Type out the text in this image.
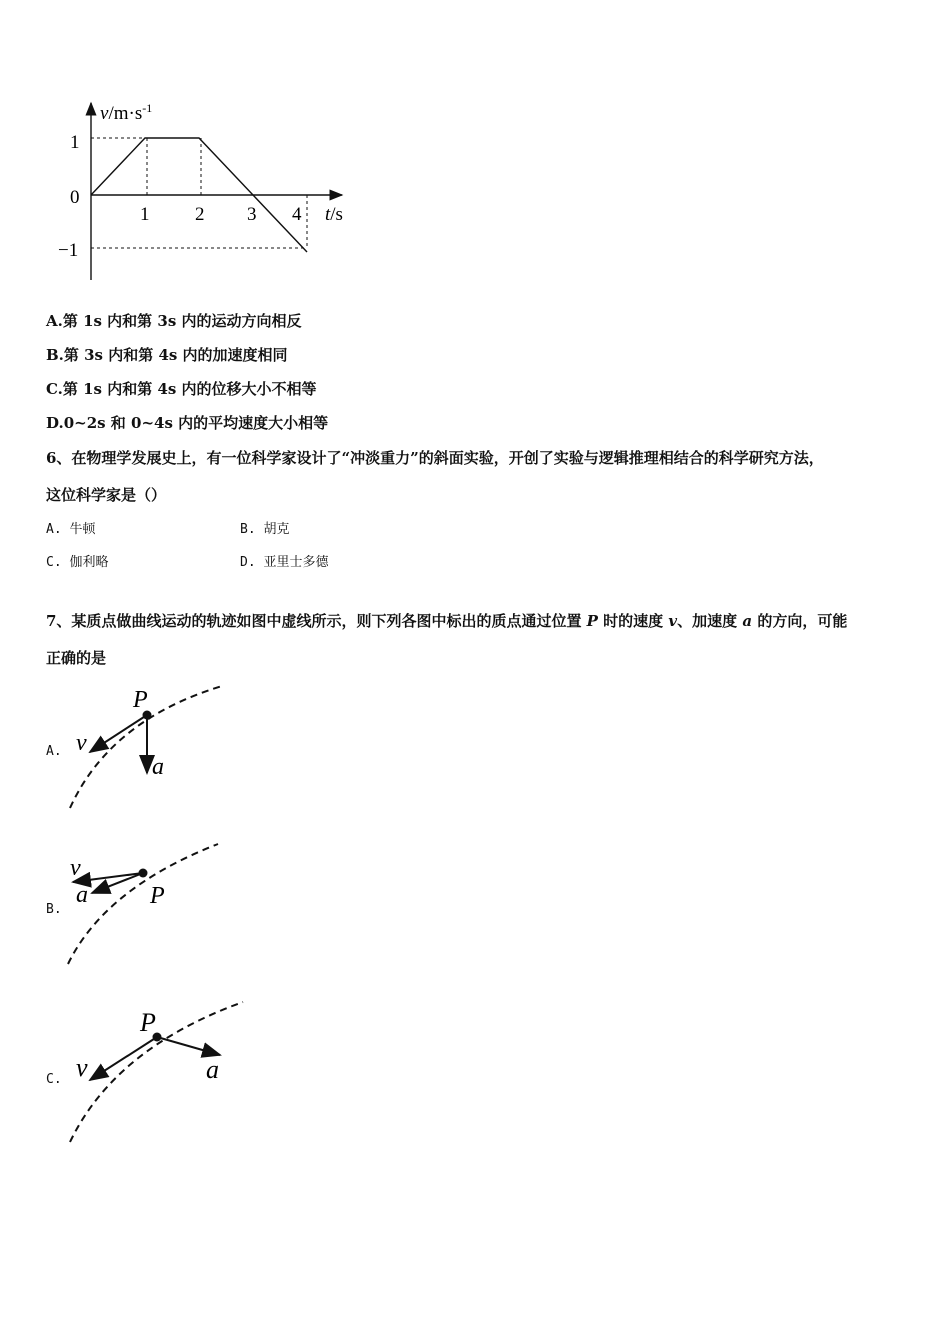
$v/m\cdot s^{-1}$
t/s
1
0
−1
1 2 3 4
A.第 1s 内和第 3s 内的运动方向相反
B.第 3s 内和第 4s 内的加速度相同
C.第 1s 内和第 4s 内的位移大小不相等
D.0~2s 和 0~4s 内的平均速度大小相等
6、在物理学发展史上，有一位科学家设计了“冲淡重力”的斜面实验，开创了实验与逻辑推理相结合的科学研究方法，
这位科学家是（）
A. 牛顿	B. 胡克
C. 伽利略	D. 亚里士多德
7、某质点做曲线运动的轨迹如图中虚线所示，则下列各图中标出的质点通过位置 P 时的速度 v、加速度 a 的方向，可能
正确的是
A.
P
v
a
B.
v
a	P
C.
P
v	a
